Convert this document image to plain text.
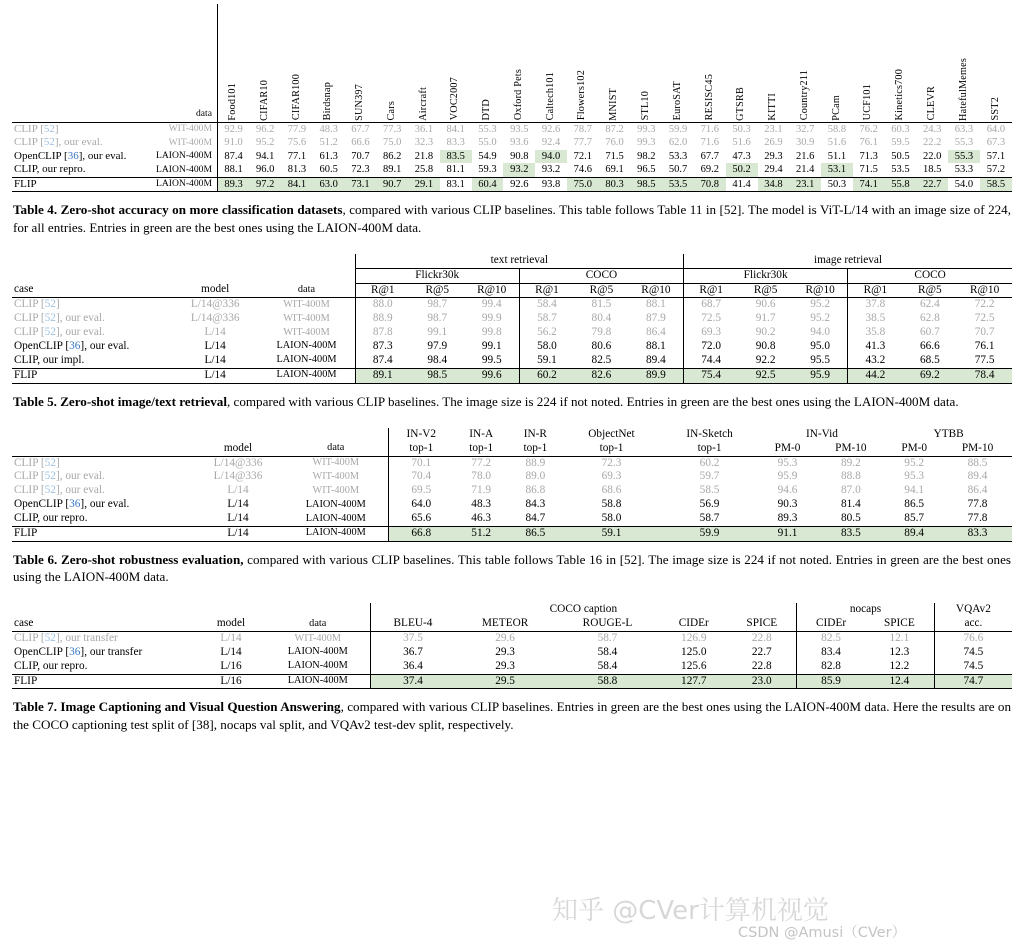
	data	Food101	CIFAR10	CIFAR100	Birdsnap	SUN397	Cars	Aircraft	VOC2007	DTD	Oxford Pets	Caltech101	Flowers102	MNIST	STL10	EuroSAT	RESISC45	GTSRB	KITTI	Country211	PCam	UCF101	Kinetics700	CLEVR	HatefulMemes	SST2

CLIP [52]	WIT-400M	92.9	96.2	77.9	48.3	67.7	77.3	36.1	84.1	55.3	93.5	92.6	78.7	87.2	99.3	59.9	71.6	50.3	23.1	32.7	58.8	76.2	60.3	24.3	63.3	64.0
CLIP [52], our eval.	WIT-400M	91.0	95.2	75.6	51.2	66.6	75.0	32.3	83.3	55.0	93.6	92.4	77.7	76.0	99.3	62.0	71.6	51.6	26.9	30.9	51.6	76.1	59.5	22.2	55.3	67.3
OpenCLIP [36], our eval.	LAION-400M	87.4	94.1	77.1	61.3	70.7	86.2	21.8	83.5	54.9	90.8	94.0	72.1	71.5	98.2	53.3	67.7	47.3	29.3	21.6	51.1	71.3	50.5	22.0	55.3	57.1
CLIP, our repro.	LAION-400M	88.1	96.0	81.3	60.5	72.3	89.1	25.8	81.1	59.3	93.2	93.2	74.6	69.1	96.5	50.7	69.2	50.2	29.4	21.4	53.1	71.5	53.5	18.5	53.3	57.2
FLIP	LAION-400M	89.3	97.2	84.1	63.0	73.1	90.7	29.1	83.1	60.4	92.6	93.8	75.0	80.3	98.5	53.5	70.8	41.4	34.8	23.1	50.3	74.1	55.8	22.7	54.0	58.5

Table 4. Zero-shot accuracy on more classification datasets, compared with various CLIP baselines. This table follows Table 11 in [52]. The model is ViT-L/14 with an image size of 224, for all entries. Entries in green are the best ones using the LAION-400M data.
			text retrieval						image retrieval					
			Flickr30k			COCO			Flickr30k			COCO		
case	model	data	R@1	R@5	R@10	R@1	R@5	R@10	R@1	R@5	R@10	R@1	R@5	R@10
CLIP [52]	L/14@336	WIT-400M	88.0	98.7	99.4	58.4	81.5	88.1	68.7	90.6	95.2	37.8	62.4	72.2
CLIP [52], our eval.	L/14@336	WIT-400M	88.9	98.7	99.9	58.7	80.4	87.9	72.5	91.7	95.2	38.5	62.8	72.5
CLIP [52], our eval.	L/14	WIT-400M	87.8	99.1	99.8	56.2	79.8	86.4	69.3	90.2	94.0	35.8	60.7	70.7
OpenCLIP [36], our eval.	L/14	LAION-400M	87.3	97.9	99.1	58.0	80.6	88.1	72.0	90.8	95.0	41.3	66.6	76.1
CLIP, our impl.	L/14	LAION-400M	87.4	98.4	99.5	59.1	82.5	89.4	74.4	92.2	95.5	43.2	68.5	77.5
FLIP	L/14	LAION-400M	89.1	98.5	99.6	60.2	82.6	89.9	75.4	92.5	95.9	44.2	69.2	78.4

Table 5. Zero-shot image/text retrieval, compared with various CLIP baselines. The image size is 224 if not noted. Entries in green are the best ones using the LAION-400M data.
			IN-V2	IN-A	IN-R	ObjectNet	IN-Sketch	IN-Vid		YTBB	
	model	data	top-1	top-1	top-1	top-1	top-1	PM-0	PM-10	PM-0	PM-10
CLIP [52]	L/14@336	WIT-400M	70.1	77.2	88.9	72.3	60.2	95.3	89.2	95.2	88.5
CLIP [52], our eval.	L/14@336	WIT-400M	70.4	78.0	89.0	69.3	59.7	95.9	88.8	95.3	89.4
CLIP [52], our eval.	L/14	WIT-400M	69.5	71.9	86.8	68.6	58.5	94.6	87.0	94.1	86.4
OpenCLIP [36], our eval.	L/14	LAION-400M	64.0	48.3	84.3	58.8	56.9	90.3	81.4	86.5	77.8
CLIP, our repro.	L/14	LAION-400M	65.6	46.3	84.7	58.0	58.7	89.3	80.5	85.7	77.8
FLIP	L/14	LAION-400M	66.8	51.2	86.5	59.1	59.9	91.1	83.5	89.4	83.3

Table 6. Zero-shot robustness evaluation, compared with various CLIP baselines. This table follows Table 16 in [52]. The image size is 224 if not noted. Entries in green are the best ones using the LAION-400M data.
			COCO caption					nocaps		VQAv2
case	model	data	BLEU-4	METEOR	ROUGE-L	CIDEr	SPICE	CIDEr	SPICE	acc.
CLIP [52], our transfer	L/14	WIT-400M	37.5	29.6	58.7	126.9	22.8	82.5	12.1	76.6
OpenCLIP [36], our transfer	L/14	LAION-400M	36.7	29.3	58.4	125.0	22.7	83.4	12.3	74.5
CLIP, our repro.	L/16	LAION-400M	36.4	29.3	58.4	125.6	22.8	82.8	12.2	74.5
FLIP	L/16	LAION-400M	37.4	29.5	58.8	127.7	23.0	85.9	12.4	74.7

Table 7. Image Captioning and Visual Question Answering, compared with various CLIP baselines. Entries in green are the best ones using the LAION-400M data. Here the results are on the COCO captioning test split of [38], nocaps val split, and VQAv2 test-dev split, respectively.
知乎 @CVer计算机视觉
CSDN @Amusi（CVer）
